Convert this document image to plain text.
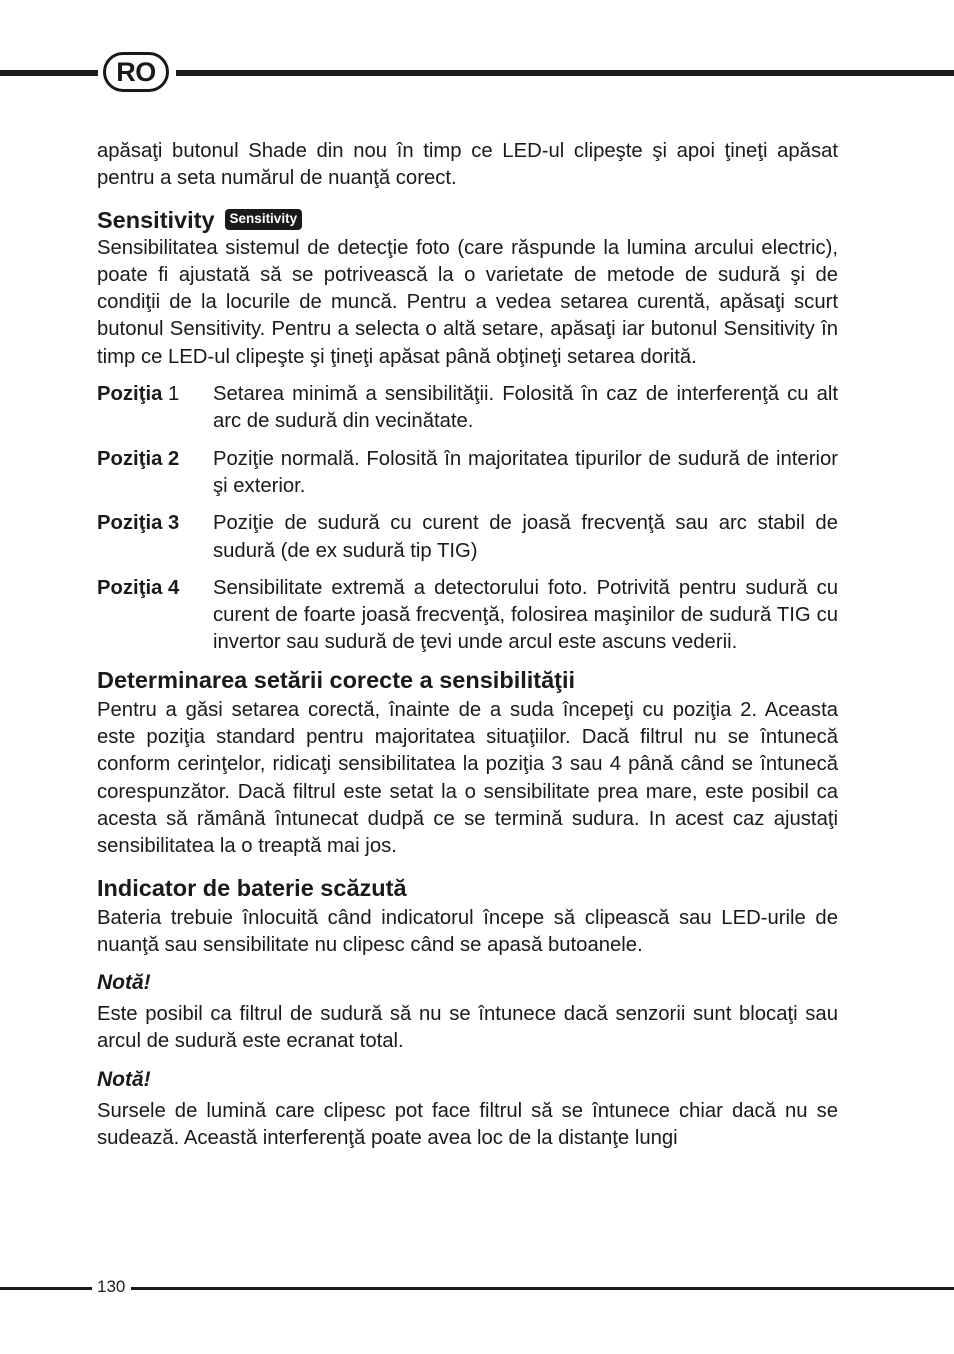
RO

apăsaţi butonul Shade din nou în timp ce LED-ul clipeşte şi apoi ţineţi apăsat pentru a seta numărul de nuanţă corect.

Sensitivity	Sensitivity

Sensibilitatea sistemul de detecţie foto (care răspunde la lumina arcului electric), poate fi ajustată să se potrivească la o varietate de metode de sudură şi de condiţii de la locurile de muncă. Pentru a vedea setarea curentă, apăsaţi scurt butonul Sensitivity. Pentru a selecta o altă setare, apăsaţi iar butonul Sensitivity în timp ce LED-ul clipeşte şi ţineţi apăsat până obţineţi setarea dorită.

Poziţia 1	Setarea minimă a sensibilităţii. Folosită în caz de interferenţă cu alt arc de sudură din vecinătate.

Poziţia 2	Poziţie normală. Folosită în majoritatea tipurilor de sudură de interior şi exterior.

Poziţia 3	Poziţie de sudură cu curent de joasă frecvenţă sau arc stabil de sudură (de ex sudură tip TIG)

Poziţia 4	Sensibilitate extremă a detectorului foto. Potrivită pentru sudură cu curent de foarte joasă frecvenţă, folosirea maşinilor de sudură TIG cu invertor sau sudură de ţevi unde arcul este ascuns vederii.

Determinarea setării corecte a sensibilităţii

Pentru a găsi setarea corectă, înainte de a suda începeţi cu poziţia 2. Aceasta este poziţia standard pentru majoritatea situaţiilor. Dacă filtrul nu se întunecă conform cerinţelor, ridicaţi sensibilitatea la poziţia 3 sau 4 până când se întunecă corespunzător. Dacă filtrul este setat la o sensibilitate prea mare, este posibil ca acesta să rămână întunecat dudpă ce se termină sudura. In acest caz ajustaţi sensibilitatea la o treaptă mai jos.

Indicator de baterie scăzută

Bateria trebuie înlocuită când indicatorul începe să clipească sau LED-urile de nuanţă sau sensibilitate nu clipesc când se apasă butoanele.

Notă!

Este posibil ca filtrul de sudură să nu se întunece dacă senzorii sunt blocaţi sau arcul de sudură este ecranat total.

Notă!

Sursele de lumină care clipesc pot face filtrul să se întunece chiar dacă nu se sudează. Această interferenţă poate avea loc de la distanţe lungi

130
